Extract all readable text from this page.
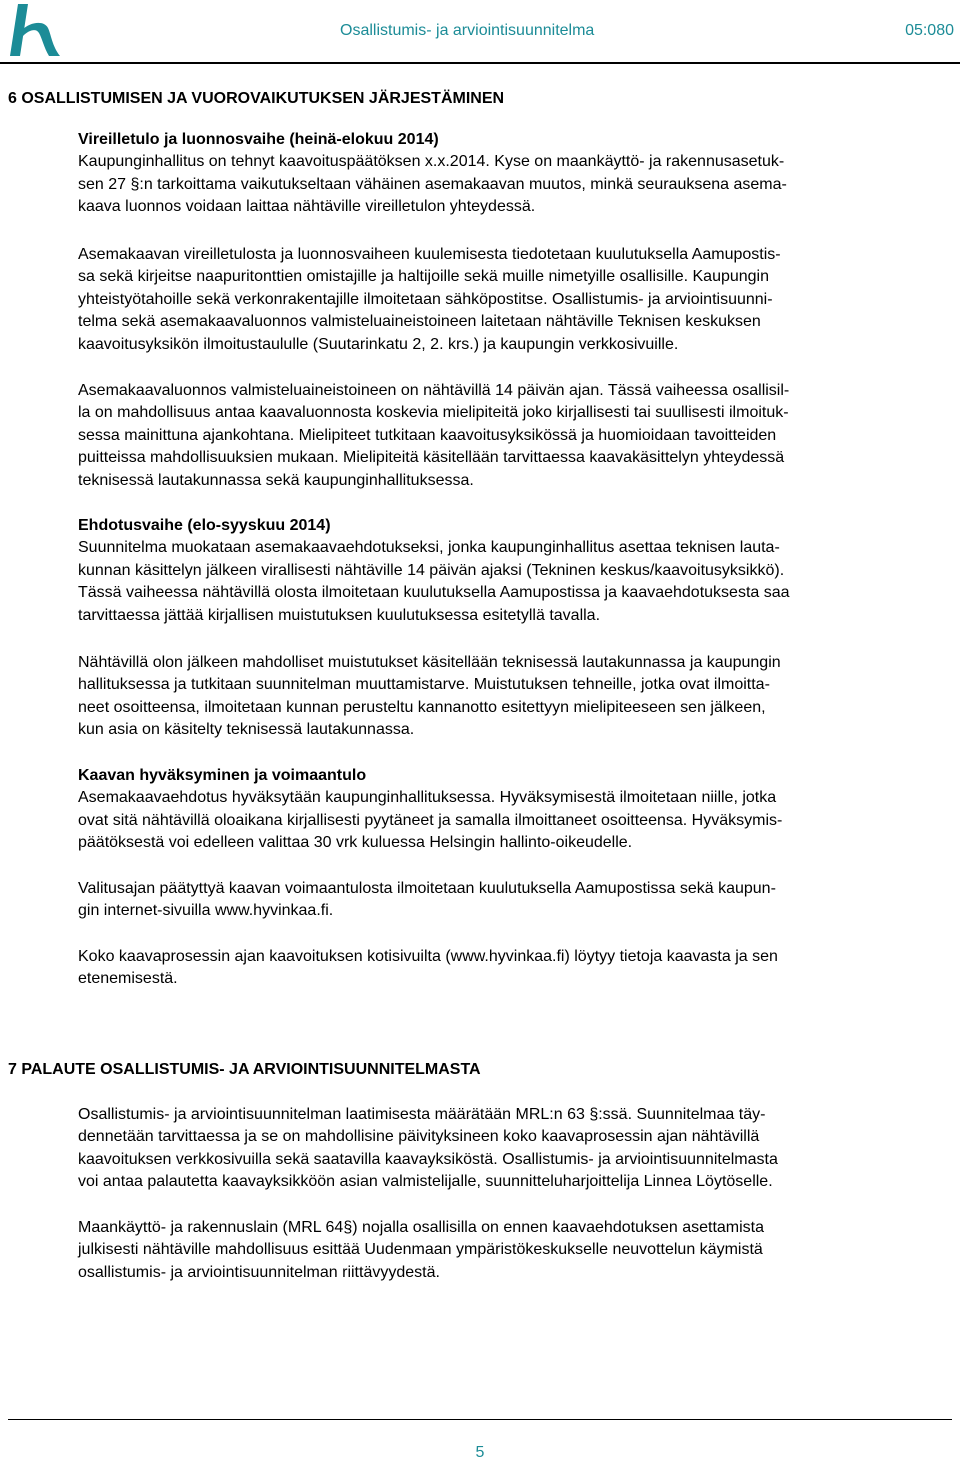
Osallistumis- ja arviointisuunnitelma	05:080
6 OSALLISTUMISEN JA VUOROVAIKUTUKSEN JÄRJESTÄMINEN
Vireilletulo ja luonnosvaihe (heinä-elokuu 2014)
Kaupunginhallitus on tehnyt kaavoituspäätöksen x.x.2014. Kyse on maankäyttö- ja rakennusasetuk-
sen 27 §:n tarkoittama vaikutukseltaan vähäinen asemakaavan muutos, minkä seurauksena asema-
kaava luonnos voidaan laittaa nähtäville vireilletulon yhteydessä.
Asemakaavan vireilletulosta ja luonnosvaiheen kuulemisesta tiedotetaan kuulutuksella Aamupostis-
sa sekä kirjeitse naapuritonttien omistajille ja haltijoille sekä muille nimetyille osallisille. Kaupungin
yhteistyötahoille sekä verkonrakentajille ilmoitetaan sähköpostitse. Osallistumis- ja arviointisuunni-
telma sekä asemakaavaluonnos valmisteluaineistoineen laitetaan nähtäville Teknisen keskuksen
kaavoitusyksikön ilmoitustaululle (Suutarinkatu 2, 2. krs.) ja kaupungin verkkosivuille.
Asemakaavaluonnos valmisteluaineistoineen on nähtävillä 14 päivän ajan. Tässä vaiheessa osallisil-
la on mahdollisuus antaa kaavaluonnosta koskevia mielipiteitä joko kirjallisesti tai suullisesti ilmoituk-
sessa mainittuna ajankohtana. Mielipiteet tutkitaan kaavoitusyksikössä ja huomioidaan tavoitteiden
puitteissa mahdollisuuksien mukaan. Mielipiteitä käsitellään tarvittaessa kaavakäsittelyn yhteydessä
teknisessä lautakunnassa sekä kaupunginhallituksessa.
Ehdotusvaihe (elo-syyskuu 2014)
Suunnitelma muokataan asemakaavaehdotukseksi, jonka kaupunginhallitus asettaa teknisen lauta-
kunnan käsittelyn jälkeen virallisesti nähtäville 14 päivän ajaksi (Tekninen keskus/kaavoitusyksikkö).
Tässä vaiheessa nähtävillä olosta ilmoitetaan kuulutuksella Aamupostissa ja kaavaehdotuksesta saa
tarvittaessa jättää kirjallisen muistutuksen kuulutuksessa esitetyllä tavalla.
Nähtävillä olon jälkeen mahdolliset muistutukset käsitellään teknisessä lautakunnassa ja kaupungin
hallituksessa ja tutkitaan suunnitelman muuttamistarve. Muistutuksen tehneille, jotka ovat ilmoitta-
neet osoitteensa, ilmoitetaan kunnan perusteltu kannanotto esitettyyn mielipiteeseen sen jälkeen,
kun asia on käsitelty teknisessä lautakunnassa.
Kaavan hyväksyminen ja voimaantulo
Asemakaavaehdotus hyväksytään kaupunginhallituksessa. Hyväksymisestä ilmoitetaan niille, jotka
ovat sitä nähtävillä oloaikana kirjallisesti pyytäneet ja samalla ilmoittaneet osoitteensa. Hyväksymis-
päätöksestä voi edelleen valittaa 30 vrk kuluessa Helsingin hallinto-oikeudelle.
Valitusajan päätyttyä kaavan voimaantulosta ilmoitetaan kuulutuksella Aamupostissa sekä kaupun-
gin internet-sivuilla www.hyvinkaa.fi.
Koko kaavaprosessin ajan kaavoituksen kotisivuilta (www.hyvinkaa.fi) löytyy tietoja kaavasta ja sen
etenemisestä.
7 PALAUTE OSALLISTUMIS- JA ARVIOINTISUUNNITELMASTA
Osallistumis- ja arviointisuunnitelman laatimisesta määrätään MRL:n 63 §:ssä. Suunnitelmaa täy-
dennetään tarvittaessa ja se on mahdollisine päivityksineen koko kaavaprosessin ajan nähtävillä
kaavoituksen verkkosivuilla sekä saatavilla kaavayksiköstä. Osallistumis- ja arviointisuunnitelmasta
voi antaa palautetta kaavayksikköön asian valmistelijalle, suunnitteluharjoittelija Linnea Löytöselle.
Maankäyttö- ja rakennuslain (MRL 64§) nojalla osallisilla on ennen kaavaehdotuksen asettamista
julkisesti nähtäville mahdollisuus esittää Uudenmaan ympäristökeskukselle neuvottelun käymistä
osallistumis- ja arviointisuunnitelman riittävyydestä.
5
